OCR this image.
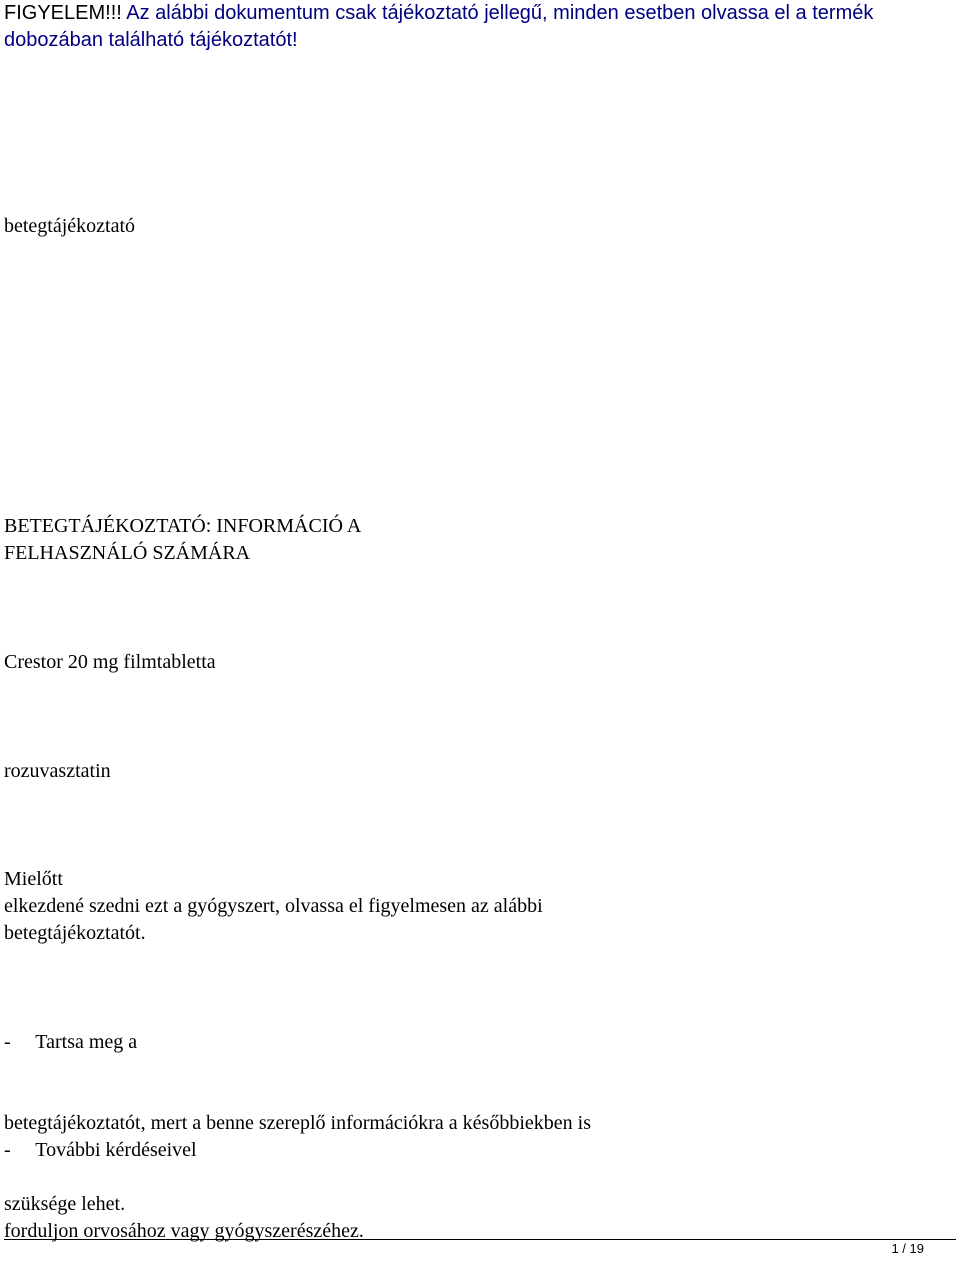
FIGYELEM!!! Az alábbi dokumentum csak tájékoztató jellegű, minden esetben olvassa el a termék dobozában található tájékoztatót!

betegtájékoztató

BETEGTÁJÉKOZTATÓ: INFORMÁCIÓ A
FELHASZNÁLÓ SZÁMÁRA

Crestor 20 mg filmtabletta

rozuvasztatin

Mielőtt
elkezdené szedni ezt a gyógyszert, olvassa el figyelmesen az alábbi
betegtájékoztatót.

-     Tartsa meg a

betegtájékoztatót, mert a benne szereplő információkra a későbbiekben is

szüksége lehet.

-     További kérdéseivel

forduljon orvosához vagy gyógyszerészéhez.

1 / 19
